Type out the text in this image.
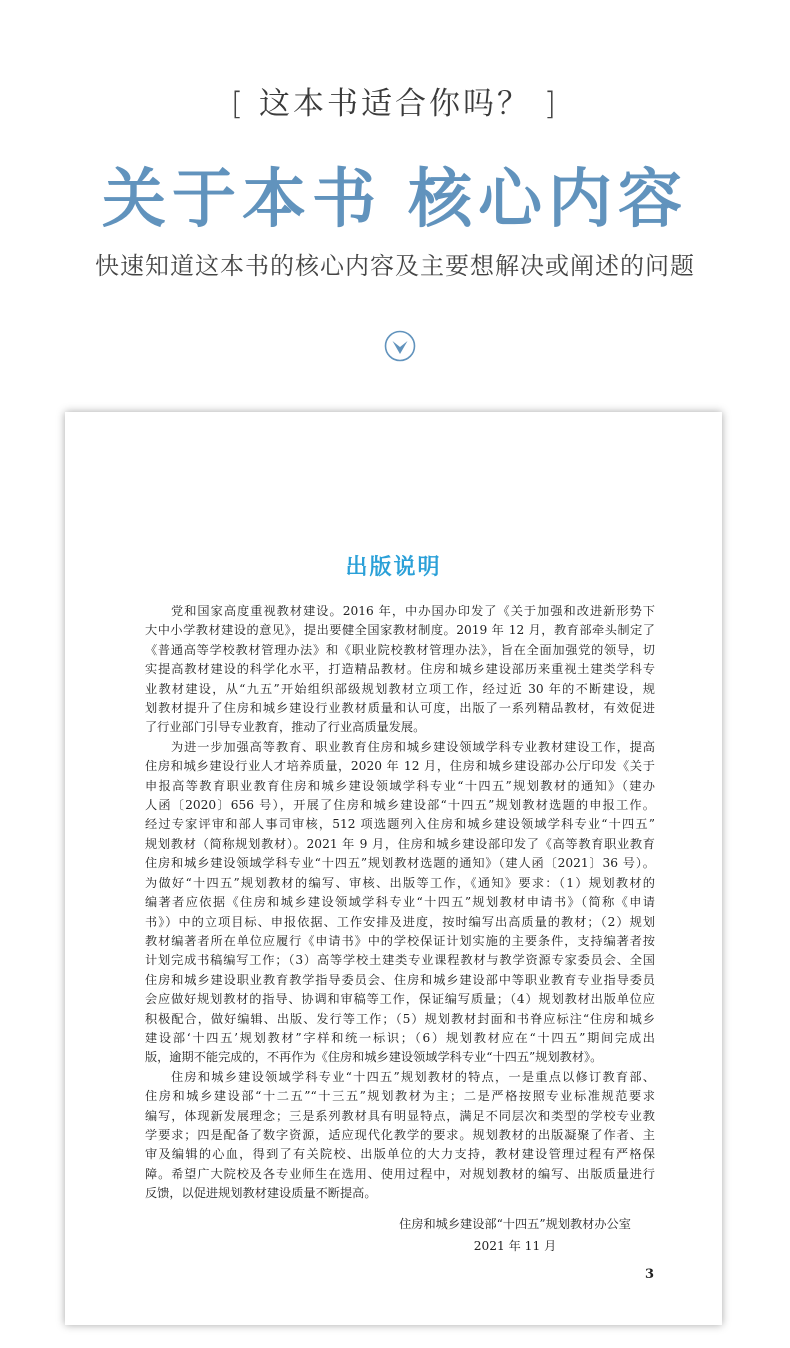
[ 这本书适合你吗？ ]
关于本书 核心内容
快速知道这本书的核心内容及主要想解决或阐述的问题
出版说明
党和国家高度重视教材建设。2016 年，中办国办印发了《关于加强和改进新形势下
大中小学教材建设的意见》，提出要健全国家教材制度。2019 年 12 月，教育部牵头制定了
《普通高等学校教材管理办法》和《职业院校教材管理办法》，旨在全面加强党的领导，切
实提高教材建设的科学化水平，打造精品教材。住房和城乡建设部历来重视土建类学科专
业教材建设，从“九五”开始组织部级规划教材立项工作，经过近 30 年的不断建设，规
划教材提升了住房和城乡建设行业教材质量和认可度，出版了一系列精品教材，有效促进
了行业部门引导专业教育，推动了行业高质量发展。
为进一步加强高等教育、职业教育住房和城乡建设领域学科专业教材建设工作，提高
住房和城乡建设行业人才培养质量，2020 年 12 月，住房和城乡建设部办公厅印发《关于
申报高等教育职业教育住房和城乡建设领域学科专业“十四五”规划教材的通知》（建办
人函〔2020〕656 号），开展了住房和城乡建设部“十四五”规划教材选题的申报工作。
经过专家评审和部人事司审核，512 项选题列入住房和城乡建设领域学科专业“十四五”
规划教材（简称规划教材）。2021 年 9 月，住房和城乡建设部印发了《高等教育职业教育
住房和城乡建设领域学科专业“十四五”规划教材选题的通知》（建人函〔2021〕36 号）。
为做好“十四五”规划教材的编写、审核、出版等工作，《通知》要求：（1）规划教材的
编著者应依据《住房和城乡建设领域学科专业“十四五”规划教材申请书》（简称《申请
书》）中的立项目标、申报依据、工作安排及进度，按时编写出高质量的教材；（2）规划
教材编著者所在单位应履行《申请书》中的学校保证计划实施的主要条件，支持编著者按
计划完成书稿编写工作；（3）高等学校土建类专业课程教材与教学资源专家委员会、全国
住房和城乡建设职业教育教学指导委员会、住房和城乡建设部中等职业教育专业指导委员
会应做好规划教材的指导、协调和审稿等工作，保证编写质量；（4）规划教材出版单位应
积极配合，做好编辑、出版、发行等工作；（5）规划教材封面和书脊应标注“住房和城乡
建设部‘十四五’规划教材”字样和统一标识；（6）规划教材应在“十四五”期间完成出
版，逾期不能完成的，不再作为《住房和城乡建设领域学科专业“十四五”规划教材》。
住房和城乡建设领域学科专业“十四五”规划教材的特点，一是重点以修订教育部、
住房和城乡建设部“十二五”“十三五”规划教材为主；二是严格按照专业标准规范要求
编写，体现新发展理念；三是系列教材具有明显特点，满足不同层次和类型的学校专业教
学要求；四是配备了数字资源，适应现代化教学的要求。规划教材的出版凝聚了作者、主
审及编辑的心血，得到了有关院校、出版单位的大力支持，教材建设管理过程有严格保
障。希望广大院校及各专业师生在选用、使用过程中，对规划教材的编写、出版质量进行
反馈，以促进规划教材建设质量不断提高。
住房和城乡建设部“十四五”规划教材办公室
2021 年 11 月
3
